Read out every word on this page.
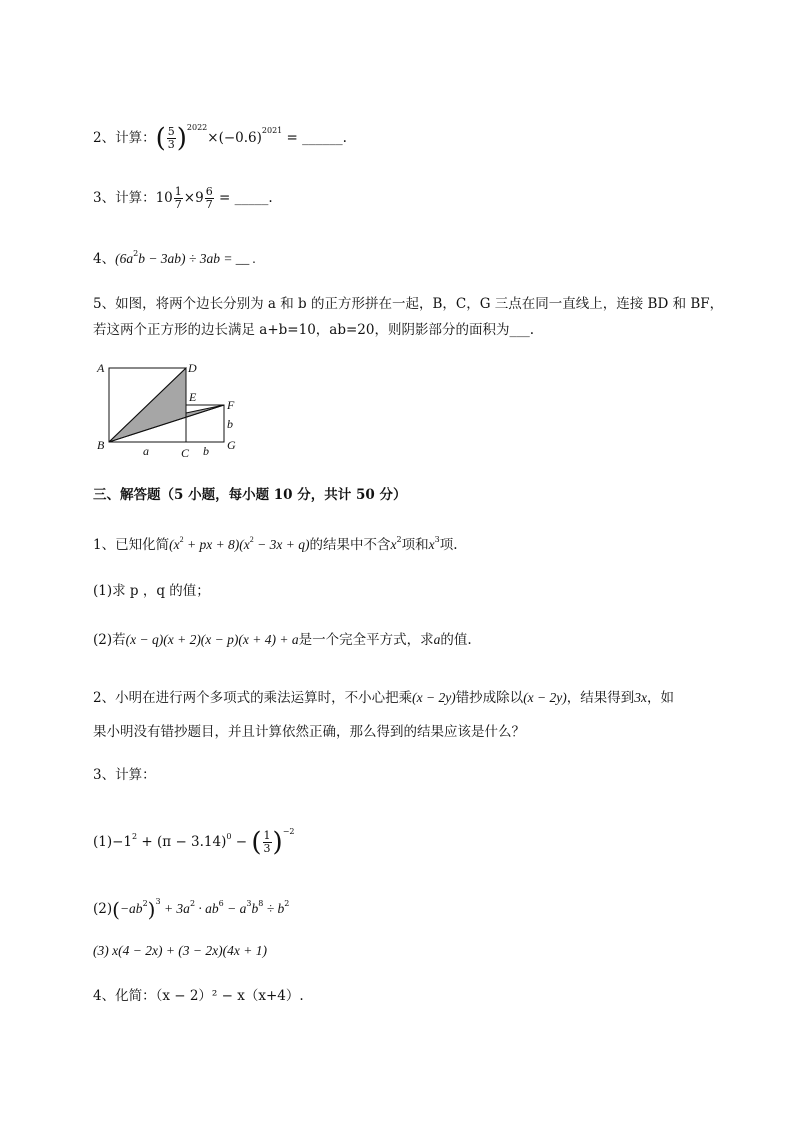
2、计算：( $\frac{5}{3} )^{2022}\times(-0.6)^{2021}$ = ______.
3、计算：$10 \frac{1}{7} \times 9 \frac{6}{7}$ = _____.
4、$(6a^2b - 3ab) \div 3ab$ = __ .
5、如图，将两个边长分别为 a 和 b 的正方形拼在一起，B，C，G 三点在同一直线上，连接 BD 和 BF，
若这两个正方形的边长满足 a+b=10，ab=20，则阴影部分的面积为___.
A	D
E
F
B
C
G
a	b
b
三、解答题（5 小题，每小题 10 分，共计 50 分）
1、已知化简($x^2$ + px + $8)(x^2 - 3x + q)$的结果中不含$x^2$项和$x^3$项.
(1)求 p ，q 的值；
(2)若(x − q)(x + 2)(x − p)(x + 4) + a是一个完全平方式，求a的值.
2、小明在进行两个多项式的乘法运算时，不小心把乘(x − 2y)错抄成除以(x − 2y)，结果得到3x，如
果小明没有错抄题目，并且计算依然正确，那么得到的结果应该是什么？
3、计算：
$(1)-1^2 + (\pi - 3.14)^0$ − ( $\frac{1}{3} )^{-2}$
$(2)(-ab^2)^3 + 3a^2 \cdot ab^6 - a^3b^8 \div b^2$
(3) x(4 − 2x) + (3 − 2x)(4x + 1)
4、化简：（x − 2）² − x（x+4）.
